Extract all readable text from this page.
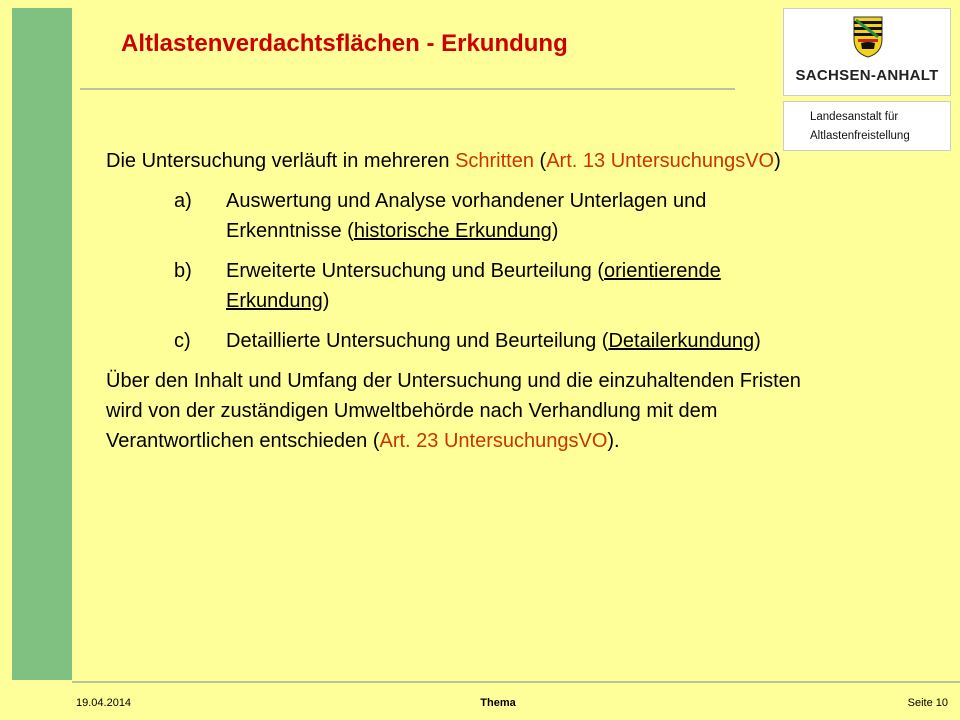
Altlastenverdachtsflächen - Erkundung
SACHSEN-ANHALT
Landesanstalt für
Altlastenfreistellung

Die Untersuchung verläuft in mehreren Schritten (Art. 13 UntersuchungsVO)

a) Auswertung und Analyse vorhandener Unterlagen und Erkenntnisse (historische Erkundung)
b) Erweiterte Untersuchung und Beurteilung (orientierende Erkundung)
c) Detaillierte Untersuchung und Beurteilung (Detailerkundung)

Über den Inhalt und Umfang der Untersuchung und die einzuhaltenden Fristen wird von der zuständigen Umweltbehörde nach Verhandlung mit dem Verantwortlichen entschieden (Art. 23 UntersuchungsVO).

19.04.2014	Thema	Seite 10
